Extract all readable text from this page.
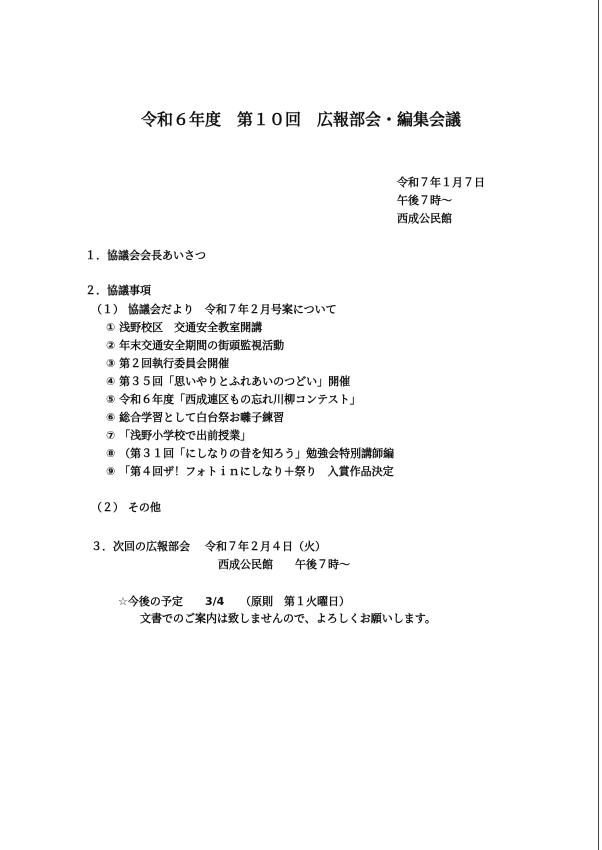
令和６年度　第１０回　広報部会・編集会議
令和７年１月７日
午後７時～
西成公民館
１．協議会会長あいさつ
２．協議事項
（１） 協議会だより　令和７年２月号案について
① 浅野校区　交通安全教室開講
② 年末交通安全期間の街頭監視活動
③ 第２回執行委員会開催
④ 第３５回「思いやりとふれあいのつどい」開催
⑤ 令和６年度「西成連区もの忘れ川柳コンテスト」
⑥ 総合学習として白台祭お囃子練習
⑦ 「浅野小学校で出前授業」
⑧ （第３１回「にしなりの昔を知ろう」勉強会特別講師編
⑨ 「第４回ザ！フォトｉｎにしなり＋祭り　入賞作品決定
（２） その他
３．次回の広報部会 令和７年２月４日（火）
西成公民館 午後７時～
☆今後の予定 3/4 （原則　第１火曜日）
文書でのご案内は致しませんので、よろしくお願いします。
